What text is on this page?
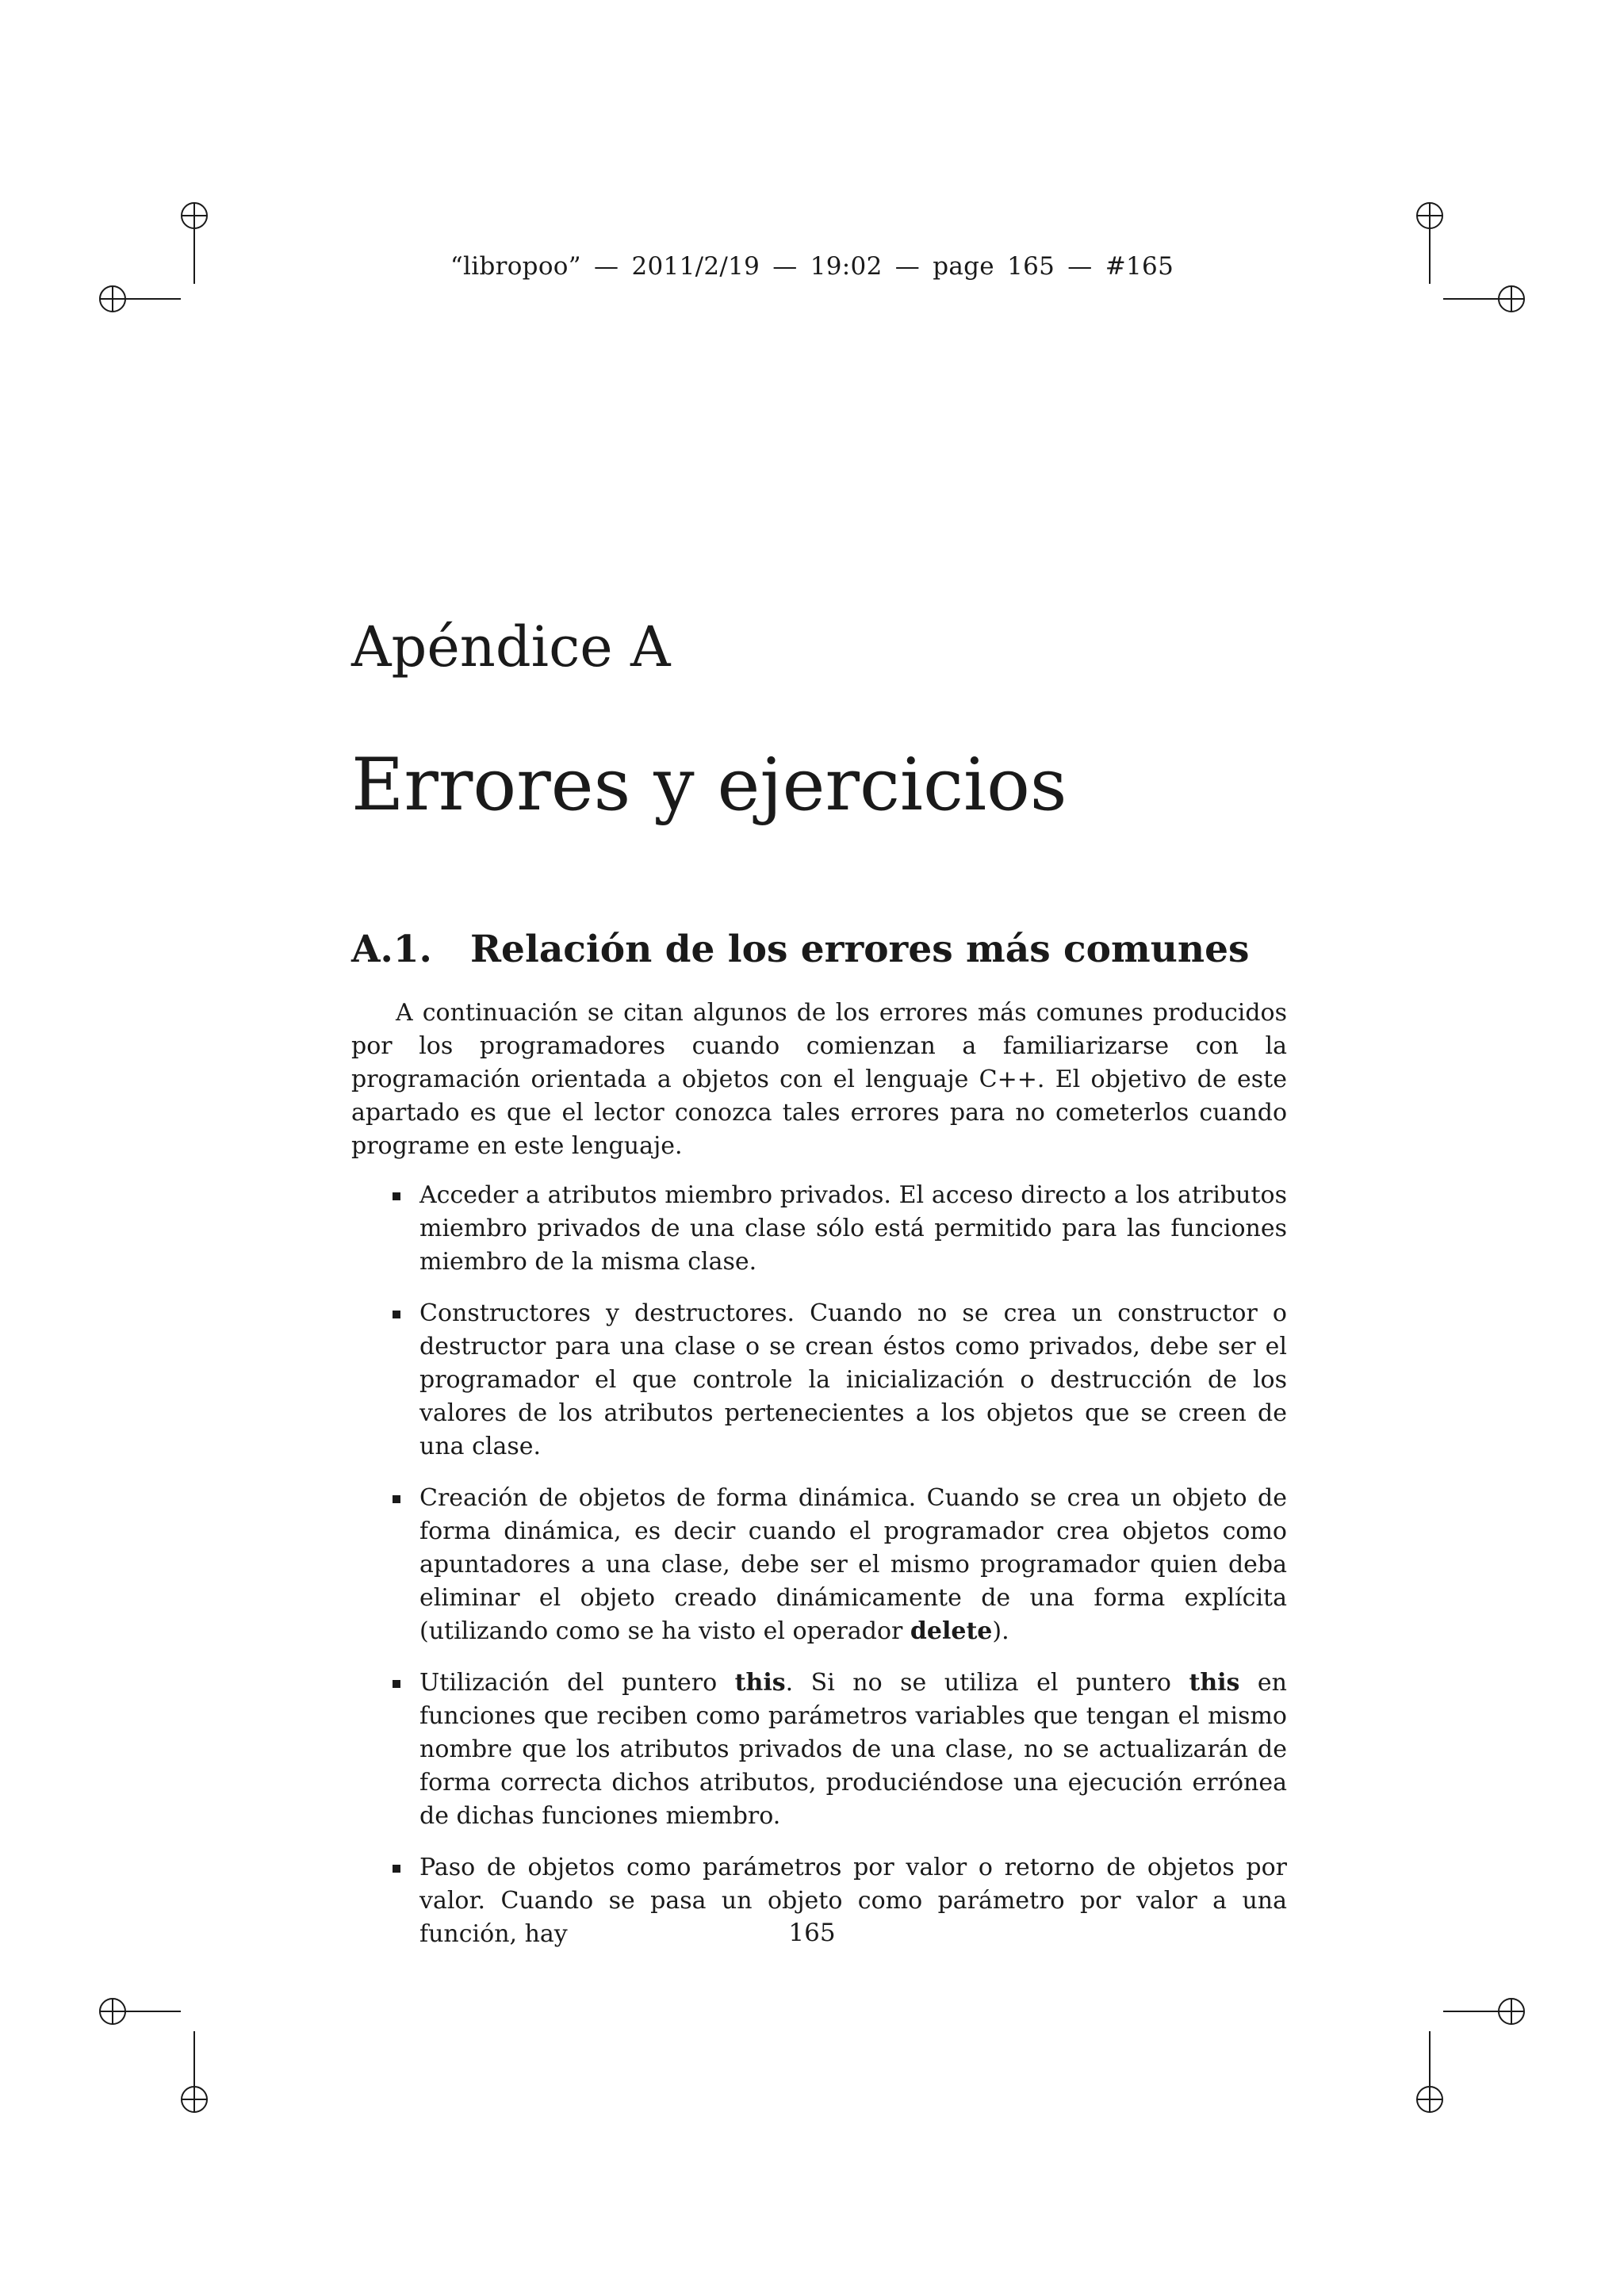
“libropoo” — 2011/2/19 — 19:02 — page 165 — #165
Apéndice A
Errores y ejercicios
A.1. Relación de los errores más comunes

A continuación se citan algunos de los errores más comunes producidos por los programadores cuando comienzan a familiarizarse con la programación orientada a objetos con el lenguaje C++. El objetivo de este apartado es que el lector conozca tales errores para no cometerlos cuando programe en este lenguaje.

Acceder a atributos miembro privados. El acceso directo a los atributos miembro privados de una clase sólo está permitido para las funciones miembro de la misma clase.
Constructores y destructores. Cuando no se crea un constructor o destructor para una clase o se crean éstos como privados, debe ser el programador el que controle la inicialización o destrucción de los valores de los atributos pertenecientes a los objetos que se creen de una clase.
Creación de objetos de forma dinámica. Cuando se crea un objeto de forma dinámica, es decir cuando el programador crea objetos como apuntadores a una clase, debe ser el mismo programador quien deba eliminar el objeto creado dinámicamente de una forma explícita (utilizando como se ha visto el operador delete).
Utilización del puntero this. Si no se utiliza el puntero this en funciones que reciben como parámetros variables que tengan el mismo nombre que los atributos privados de una clase, no se actualizarán de forma correcta dichos atributos, produciéndose una ejecución errónea de dichas funciones miembro.
Paso de objetos como parámetros por valor o retorno de objetos por valor. Cuando se pasa un objeto como parámetro por valor a una función, hay	165
